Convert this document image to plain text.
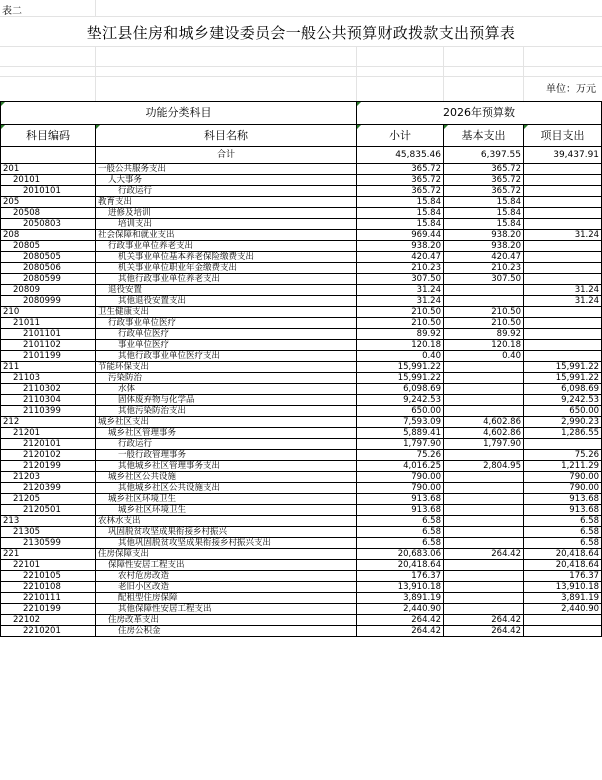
表二
垫江县住房和城乡建设委员会一般公共预算财政拨款支出预算表
单位：万元
功能分类科目		2026年预算数		
科目编码	科目名称	小计	基本支出	项目支出
	合计	45,835.46	6,397.55	39,437.91
201	一般公共服务支出	365.72	365.72	
20101	人大事务	365.72	365.72	
2010101	行政运行	365.72	365.72	
205	教育支出	15.84	15.84	
20508	进修及培训	15.84	15.84	
2050803	培训支出	15.84	15.84	
208	社会保障和就业支出	969.44	938.20	31.24
20805	行政事业单位养老支出	938.20	938.20	
2080505	机关事业单位基本养老保险缴费支出	420.47	420.47	
2080506	机关事业单位职业年金缴费支出	210.23	210.23	
2080599	其他行政事业单位养老支出	307.50	307.50	
20809	退役安置	31.24		31.24
2080999	其他退役安置支出	31.24		31.24
210	卫生健康支出	210.50	210.50	
21011	行政事业单位医疗	210.50	210.50	
2101101	行政单位医疗	89.92	89.92	
2101102	事业单位医疗	120.18	120.18	
2101199	其他行政事业单位医疗支出	0.40	0.40	
211	节能环保支出	15,991.22		15,991.22
21103	污染防治	15,991.22		15,991.22
2110302	水体	6,098.69		6,098.69
2110304	固体废弃物与化学品	9,242.53		9,242.53
2110399	其他污染防治支出	650.00		650.00
212	城乡社区支出	7,593.09	4,602.86	2,990.23
21201	城乡社区管理事务	5,889.41	4,602.86	1,286.55
2120101	行政运行	1,797.90	1,797.90	
2120102	一般行政管理事务	75.26		75.26
2120199	其他城乡社区管理事务支出	4,016.25	2,804.95	1,211.29
21203	城乡社区公共设施	790.00		790.00
2120399	其他城乡社区公共设施支出	790.00		790.00
21205	城乡社区环境卫生	913.68		913.68
2120501	城乡社区环境卫生	913.68		913.68
213	农林水支出	6.58		6.58
21305	巩固脱贫攻坚成果衔接乡村振兴	6.58		6.58
2130599	其他巩固脱贫攻坚成果衔接乡村振兴支出	6.58		6.58
221	住房保障支出	20,683.06	264.42	20,418.64
22101	保障性安居工程支出	20,418.64		20,418.64
2210105	农村危房改造	176.37		176.37
2210108	老旧小区改造	13,910.18		13,910.18
2210111	配租型住房保障	3,891.19		3,891.19
2210199	其他保障性安居工程支出	2,440.90		2,440.90
22102	住房改革支出	264.42	264.42	
2210201	住房公积金	264.42	264.42	
